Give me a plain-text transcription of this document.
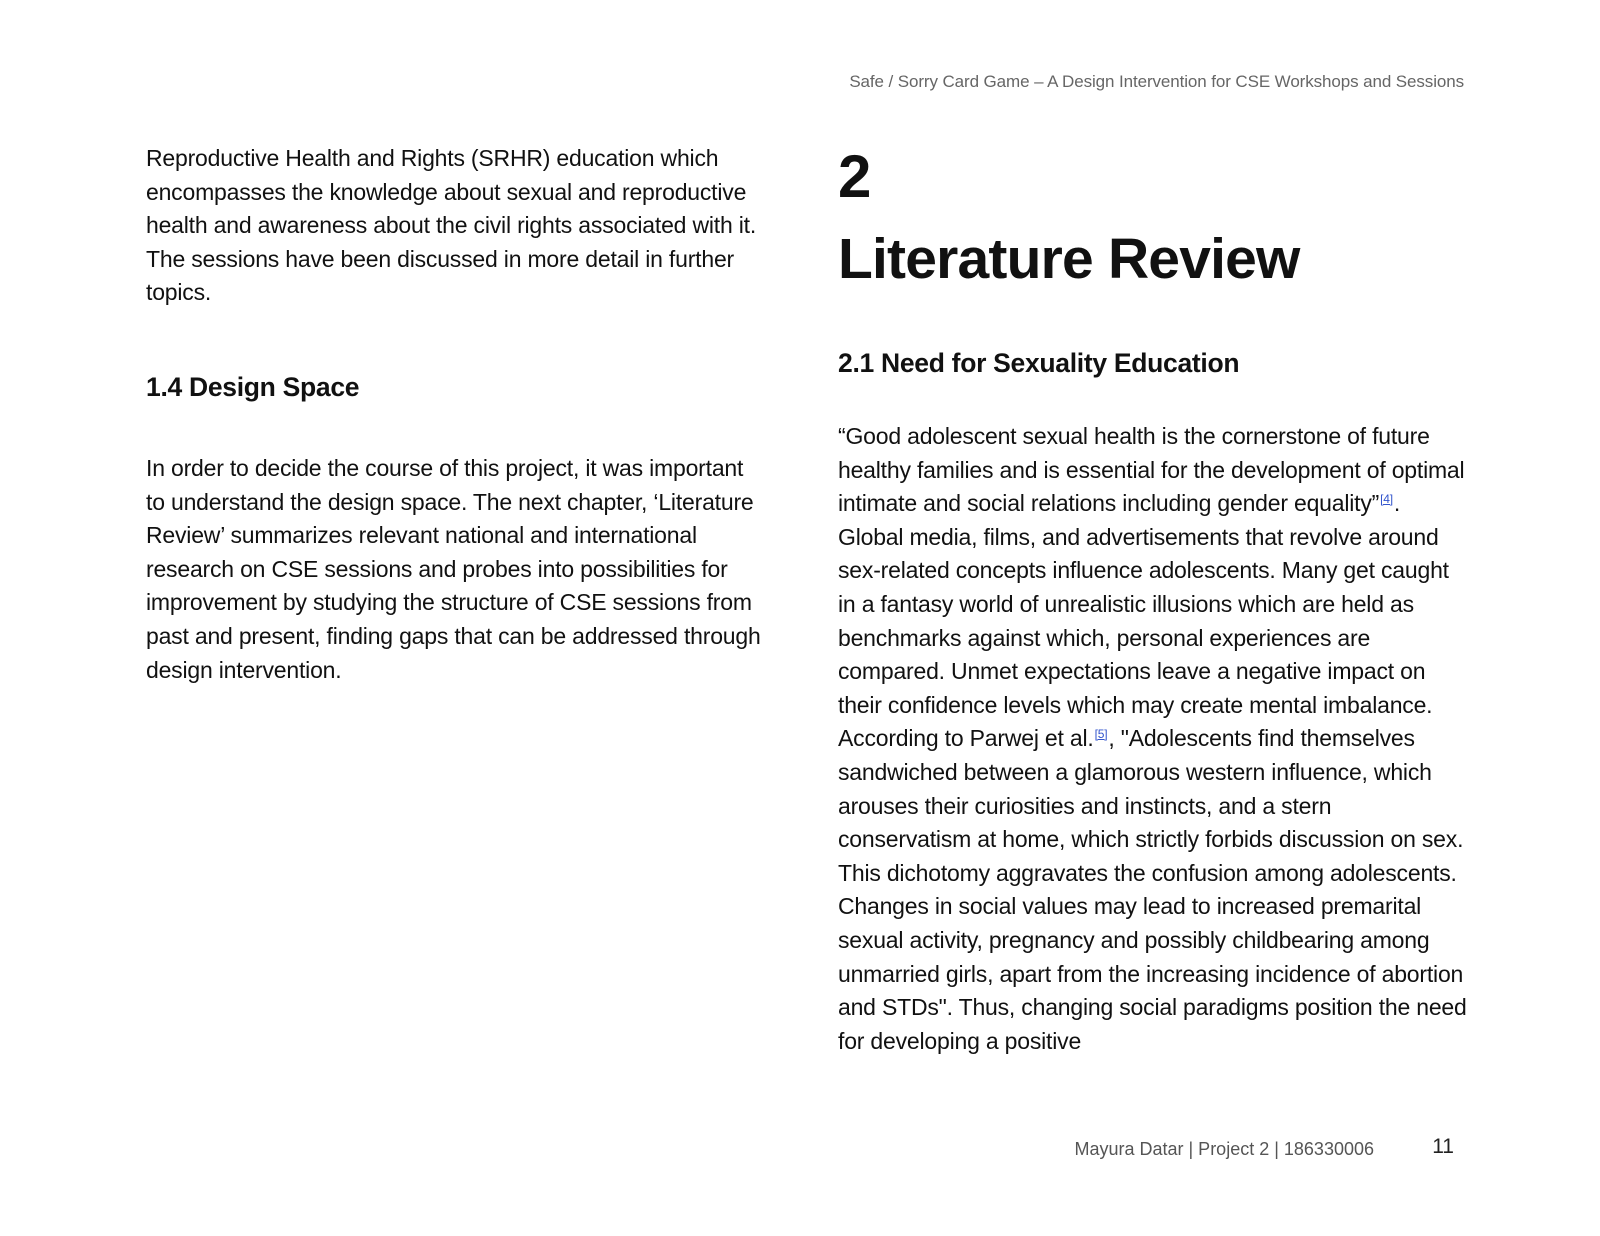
Safe / Sorry Card Game – A Design Intervention for CSE Workshops and Sessions

Reproductive Health and Rights (SRHR) education which encompasses the knowledge about sexual and reproductive health and awareness about the civil rights associated with it. The sessions have been discussed in more detail in further topics.

1.4 Design Space

In order to decide the course of this project, it was important to understand the design space. The next chapter, ‘Literature Review’ summarizes relevant national and international research on CSE sessions and probes into possibilities for improvement by studying the structure of CSE sessions from past and present, finding gaps that can be addressed through design intervention.

2
Literature Review
2.1 Need for Sexuality Education

“Good adolescent sexual health is the cornerstone of future healthy families and is essential for the development of optimal intimate and social relations including gender equality”[4]. Global media, films, and advertisements that revolve around sex-related concepts influence adolescents. Many get caught in a fantasy world of unrealistic illusions which are held as benchmarks against which, personal experiences are compared. Unmet expectations leave a negative impact on their confidence levels which may create mental imbalance. According to Parwej et al.[5], "Adolescents find themselves sandwiched between a glamorous western influence, which arouses their curiosities and instincts, and a stern conservatism at home, which strictly forbids discussion on sex. This dichotomy aggravates the confusion among adolescents. Changes in social values may lead to increased premarital sexual activity, pregnancy and possibly childbearing among unmarried girls, apart from the increasing incidence of abortion and STDs". Thus, changing social paradigms position the need for developing a positive

Mayura Datar | Project 2 | 186330006	11
